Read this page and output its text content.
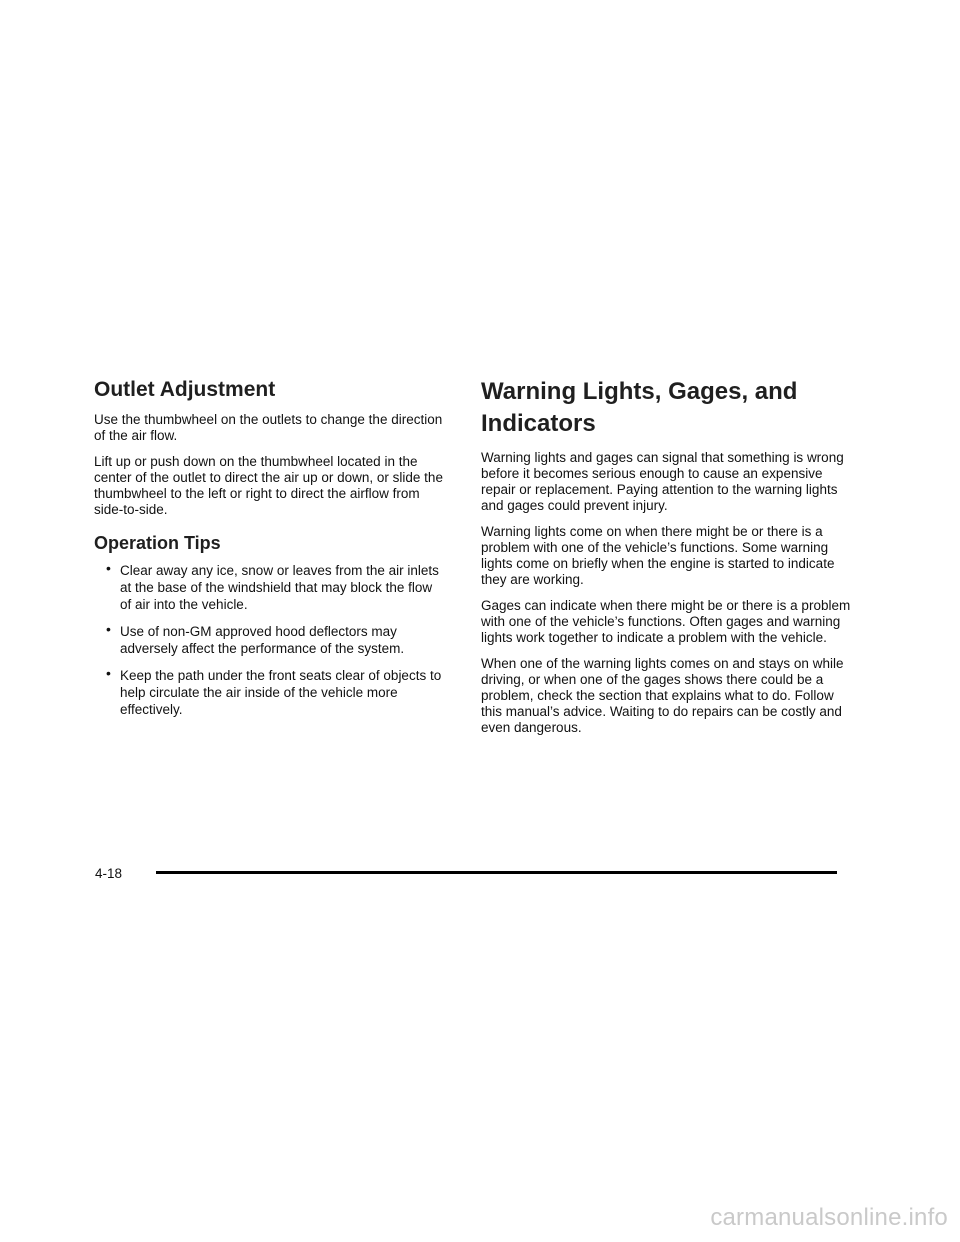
Outlet Adjustment

Use the thumbwheel on the outlets to change the direction of the air flow.

Lift up or push down on the thumbwheel located in the center of the outlet to direct the air up or down, or slide the thumbwheel to the left or right to direct the airflow from side-to-side.

Operation Tips
• Clear away any ice, snow or leaves from the air inlets at the base of the windshield that may block the flow of air into the vehicle.
• Use of non-GM approved hood deflectors may adversely affect the performance of the system.
• Keep the path under the front seats clear of objects to help circulate the air inside of the vehicle more effectively.
Warning Lights, Gages, and Indicators

Warning lights and gages can signal that something is wrong before it becomes serious enough to cause an expensive repair or replacement. Paying attention to the warning lights and gages could prevent injury.

Warning lights come on when there might be or there is a problem with one of the vehicle’s functions. Some warning lights come on briefly when the engine is started to indicate they are working.

Gages can indicate when there might be or there is a problem with one of the vehicle’s functions. Often gages and warning lights work together to indicate a problem with the vehicle.

When one of the warning lights comes on and stays on while driving, or when one of the gages shows there could be a problem, check the section that explains what to do. Follow this manual’s advice. Waiting to do repairs can be costly and even dangerous.

4-18
carmanualsonline.info
